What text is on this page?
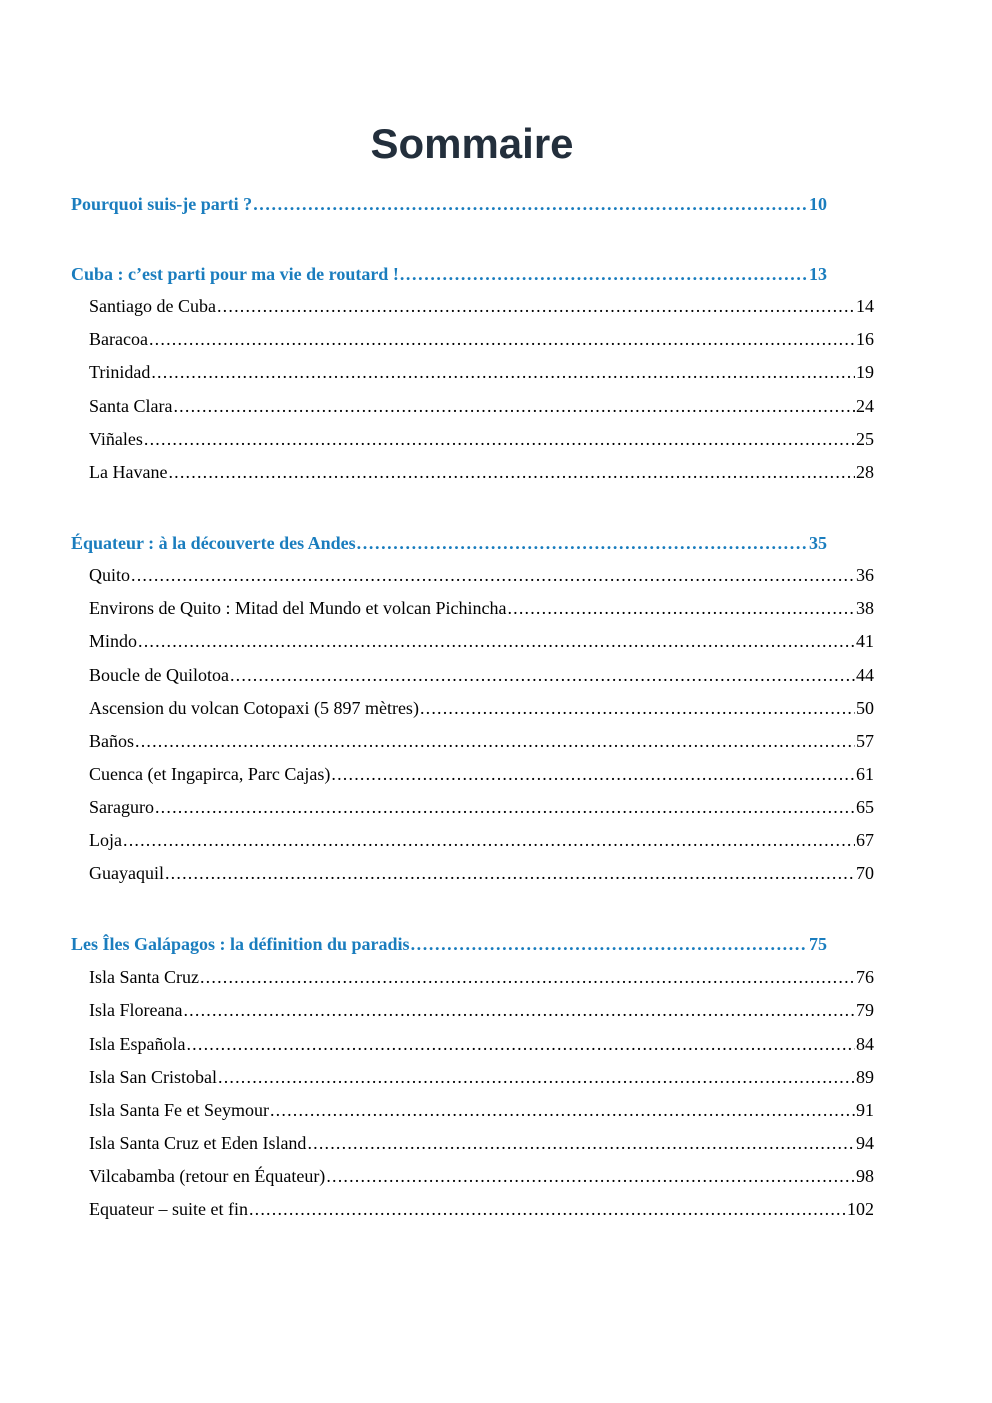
Sommaire
Pourquoi suis-je parti ? .....	10
Cuba : c’est parti pour ma vie de routard ! .....	13
Santiago de Cuba .....	14
Baracoa .....	16
Trinidad .....	19
Santa Clara .....	24
Viñales .....	25
La Havane .....	28
Équateur : à la découverte des Andes .....	35
Quito .....	36
Environs de Quito : Mitad del Mundo et volcan Pichincha .....	38
Mindo .....	41
Boucle de Quilotoa .....	44
Ascension du volcan Cotopaxi (5 897 mètres) .....	50
Baños .....	57
Cuenca (et Ingapirca, Parc Cajas) .....	61
Saraguro .....	65
Loja .....	67
Guayaquil .....	70
Les Îles Galápagos : la définition du paradis .....	75
Isla Santa Cruz .....	76
Isla Floreana .....	79
Isla Española .....	84
Isla San Cristobal .....	89
Isla Santa Fe et Seymour .....	91
Isla Santa Cruz et Eden Island .....	94
Vilcabamba (retour en Équateur) .....	98
Equateur – suite et fin .....	102
